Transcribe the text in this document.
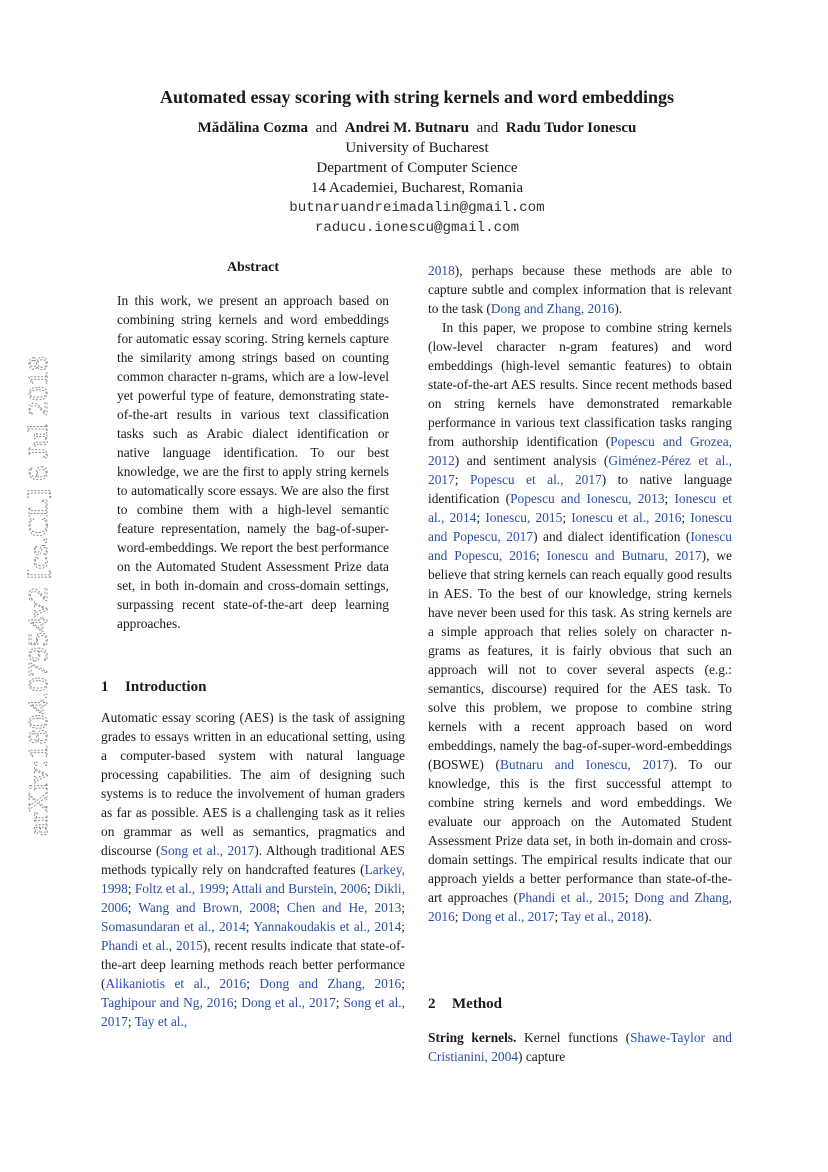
arXiv:1804.07954v2 [cs.CL] 6 Jul 2018
Automated essay scoring with string kernels and word embeddings
Mădălina Cozma and Andrei M. Butnaru and Radu Tudor Ionescu
University of Bucharest
Department of Computer Science
14 Academiei, Bucharest, Romania
butnaruandreimadalin@gmail.com
raducu.ionescu@gmail.com
Abstract

In this work, we present an approach based on combining string kernels and word embeddings for automatic essay scoring. String kernels capture the similarity among strings based on counting common character n-grams, which are a low-level yet powerful type of feature, demonstrating state-of-the-art results in various text classification tasks such as Arabic dialect identification or native language identification. To our best knowledge, we are the first to apply string kernels to automatically score essays. We are also the first to combine them with a high-level semantic feature representation, namely the bag-of-super-word-embeddings. We report the best performance on the Automated Student Assessment Prize data set, in both in-domain and cross-domain settings, surpassing recent state-of-the-art deep learning approaches.

1 Introduction

Automatic essay scoring (AES) is the task of assigning grades to essays written in an educational setting, using a computer-based system with natural language processing capabilities. The aim of designing such systems is to reduce the involvement of human graders as far as possible. AES is a challenging task as it relies on grammar as well as semantics, pragmatics and discourse (Song et al., 2017). Although traditional AES methods typically rely on handcrafted features (Larkey, 1998; Foltz et al., 1999; Attali and Burstein, 2006; Dikli, 2006; Wang and Brown, 2008; Chen and He, 2013; Somasundaran et al., 2014; Yannakoudakis et al., 2014; Phandi et al., 2015), recent results indicate that state-of-the-art deep learning methods reach better performance (Alikaniotis et al., 2016; Dong and Zhang, 2016; Taghipour and Ng, 2016; Dong et al., 2017; Song et al., 2017; Tay et al.,

2018), perhaps because these methods are able to capture subtle and complex information that is relevant to the task (Dong and Zhang, 2016).

In this paper, we propose to combine string kernels (low-level character n-gram features) and word embeddings (high-level semantic features) to obtain state-of-the-art AES results. Since recent methods based on string kernels have demonstrated remarkable performance in various text classification tasks ranging from authorship identification (Popescu and Grozea, 2012) and sentiment analysis (Giménez-Pérez et al., 2017; Popescu et al., 2017) to native language identification (Popescu and Ionescu, 2013; Ionescu et al., 2014; Ionescu, 2015; Ionescu et al., 2016; Ionescu and Popescu, 2017) and dialect identification (Ionescu and Popescu, 2016; Ionescu and Butnaru, 2017), we believe that string kernels can reach equally good results in AES. To the best of our knowledge, string kernels have never been used for this task. As string kernels are a simple approach that relies solely on character n-grams as features, it is fairly obvious that such an approach will not to cover several aspects (e.g.: semantics, discourse) required for the AES task. To solve this problem, we propose to combine string kernels with a recent approach based on word embeddings, namely the bag-of-super-word-embeddings (BOSWE) (Butnaru and Ionescu, 2017). To our knowledge, this is the first successful attempt to combine string kernels and word embeddings. We evaluate our approach on the Automated Student Assessment Prize data set, in both in-domain and cross-domain settings. The empirical results indicate that our approach yields a better performance than state-of-the-art approaches (Phandi et al., 2015; Dong and Zhang, 2016; Dong et al., 2017; Tay et al., 2018).

2 Method

String kernels. Kernel functions (Shawe-Taylor and Cristianini, 2004) capture
